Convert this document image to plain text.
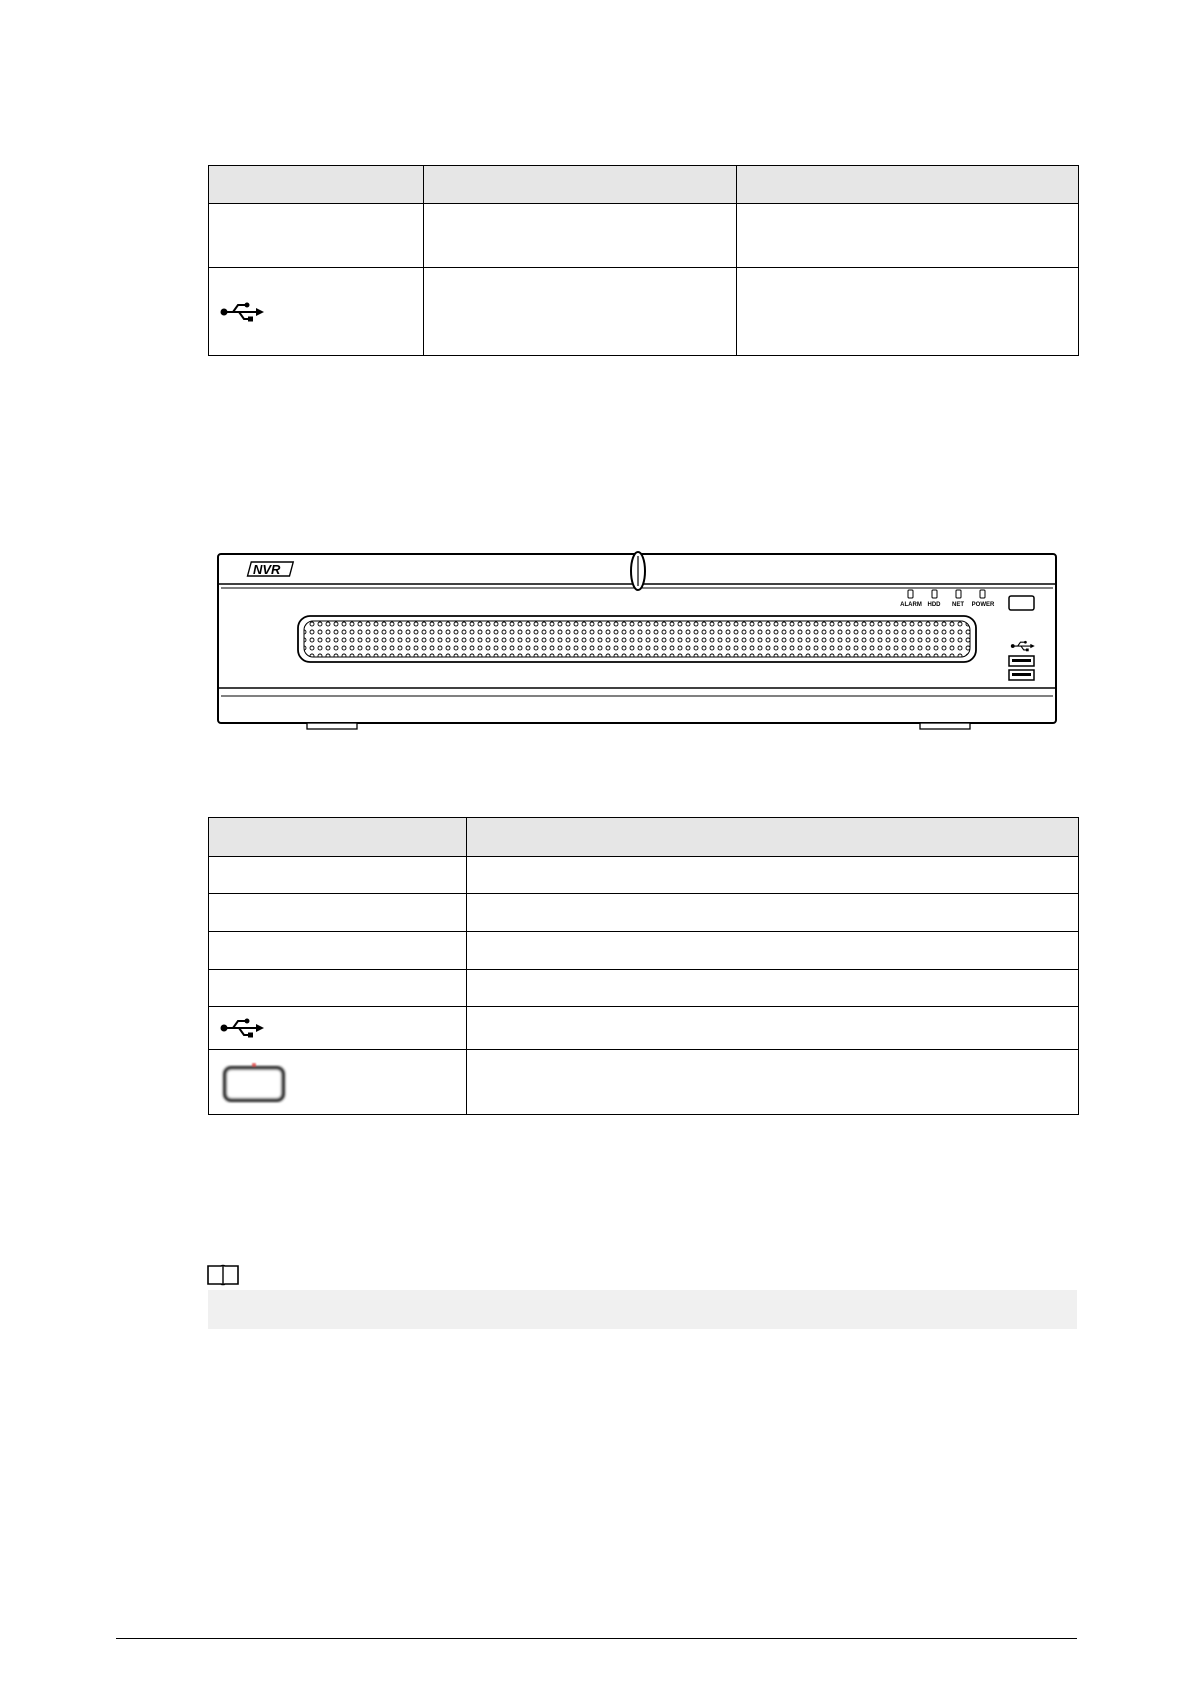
NVR
ALARM HDD NET POWER
